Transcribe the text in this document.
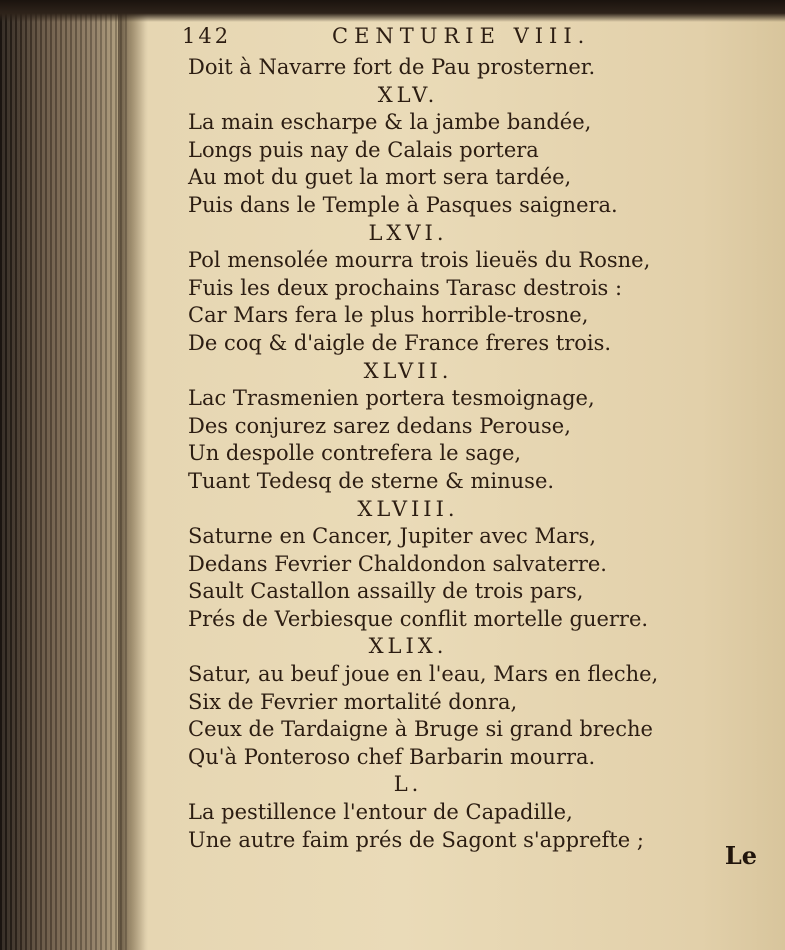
142	CENTURIE VIII.
Doit à Navarre fort de Pau prosterner.
XLV.
La main escharpe & la jambe bandée,
Longs puis nay de Calais portera
Au mot du guet la mort sera tardée,
Puis dans le Temple à Pasques saignera.
LXVI.
Pol mensolée mourra trois lieuës du Rosne,
Fuis les deux prochains Tarasc destrois :
Car Mars fera le plus horrible-trosne,
De coq & d'aigle de France freres trois.
XLVII.
Lac Trasmenien portera tesmoignage,
Des conjurez sarez dedans Perouse,
Un despolle contrefera le sage,
Tuant Tedesq de sterne & minuse.
XLVIII.
Saturne en Cancer, Jupiter avec Mars,
Dedans Fevrier Chaldondon salvaterre.
Sault Castallon assailly de trois pars,
Prés de Verbiesque conflit mortelle guerre.
XLIX.
Satur, au beuf joue en l'eau, Mars en fleche,
Six de Fevrier mortalité donra,
Ceux de Tardaigne à Bruge si grand breche
Qu'à Ponteroso chef Barbarin mourra.
L.
La pestillence l'entour de Capadille,
Une autre faim prés de Sagont s'apprefte ;
Le
